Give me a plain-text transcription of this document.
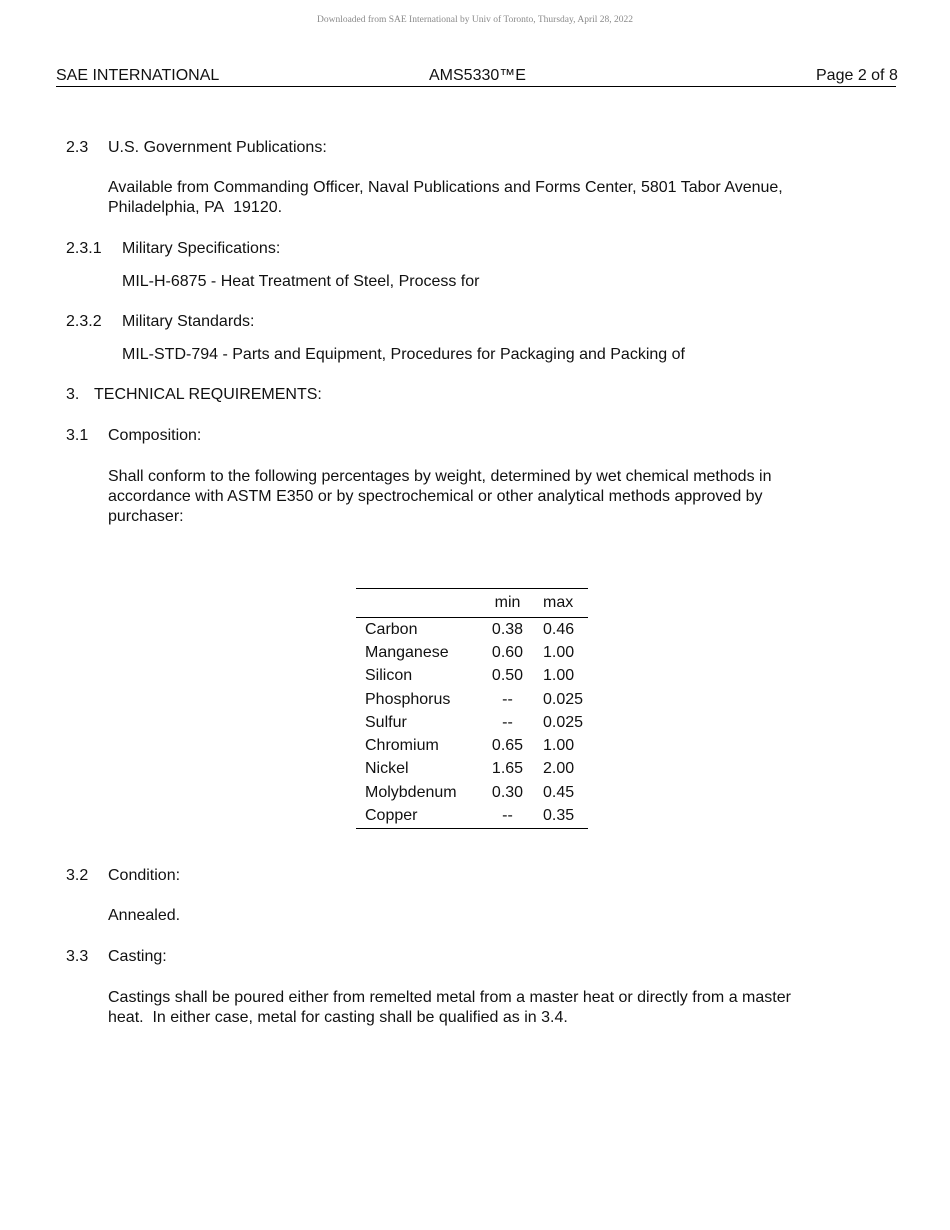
Downloaded from SAE International by Univ of Toronto, Thursday, April 28, 2022
SAE INTERNATIONAL	AMS5330™E	Page 2 of 8
2.3 U.S. Government Publications:
Available from Commanding Officer, Naval Publications and Forms Center, 5801 Tabor Avenue, Philadelphia, PA  19120.
2.3.1 Military Specifications:
MIL-H-6875 - Heat Treatment of Steel, Process for
2.3.2 Military Standards:
MIL-STD-794 - Parts and Equipment, Procedures for Packaging and Packing of
3. TECHNICAL REQUIREMENTS:
3.1 Composition:
Shall conform to the following percentages by weight, determined by wet chemical methods in accordance with ASTM E350 or by spectrochemical or other analytical methods approved by purchaser:
	min	max
Carbon	0.38	0.46
Manganese	0.60	1.00
Silicon	0.50	1.00
Phosphorus	--	0.025
Sulfur	--	0.025
Chromium	0.65	1.00
Nickel	1.65	2.00
Molybdenum	0.30	0.45
Copper	--	0.35
3.2 Condition:
Annealed.
3.3 Casting:
Castings shall be poured either from remelted metal from a master heat or directly from a master heat.  In either case, metal for casting shall be qualified as in 3.4.
